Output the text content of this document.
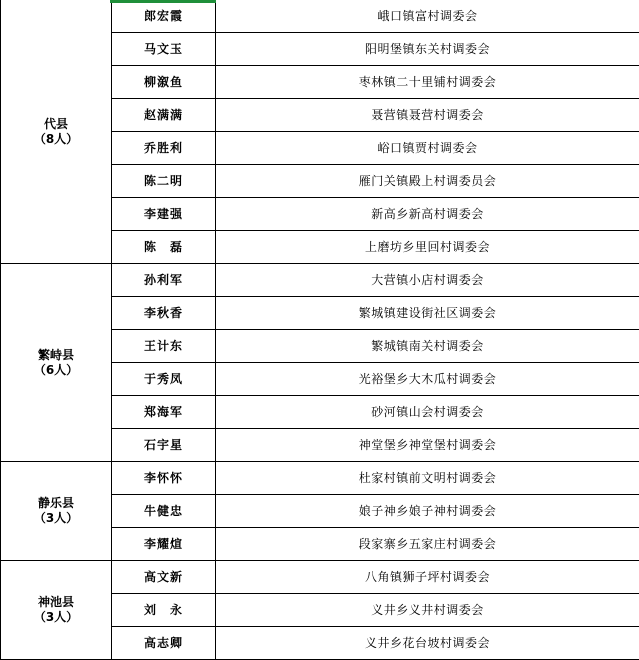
代县
（8人）	郎宏霞	峨口镇富村调委会
	马文玉	阳明堡镇东关村调委会
	柳溆鱼	枣林镇二十里铺村调委会
	赵满满	聂营镇聂营村调委会
	乔胜利	峪口镇贾村调委会
	陈二明	雁门关镇殿上村调委员会
	李建强	新高乡新高村调委会
	陈　磊	上磨坊乡里回村调委会
繁峙县
（6人）	孙利军	大营镇小店村调委会
	李秋香	繁城镇建设街社区调委会
	王计东	繁城镇南关村调委会
	于秀凤	光裕堡乡大木瓜村调委会
	郑海军	砂河镇山会村调委会
	石宇星	神堂堡乡神堂堡村调委会
静乐县
（3人）	李怀怀	杜家村镇前文明村调委会
	牛健忠	娘子神乡娘子神村调委会
	李耀煊	段家寨乡五家庄村调委会
神池县
（3人）	高文新	八角镇狮子坪村调委会
	刘　永	义井乡义井村调委会
	高志卿	义井乡花台坡村调委会
